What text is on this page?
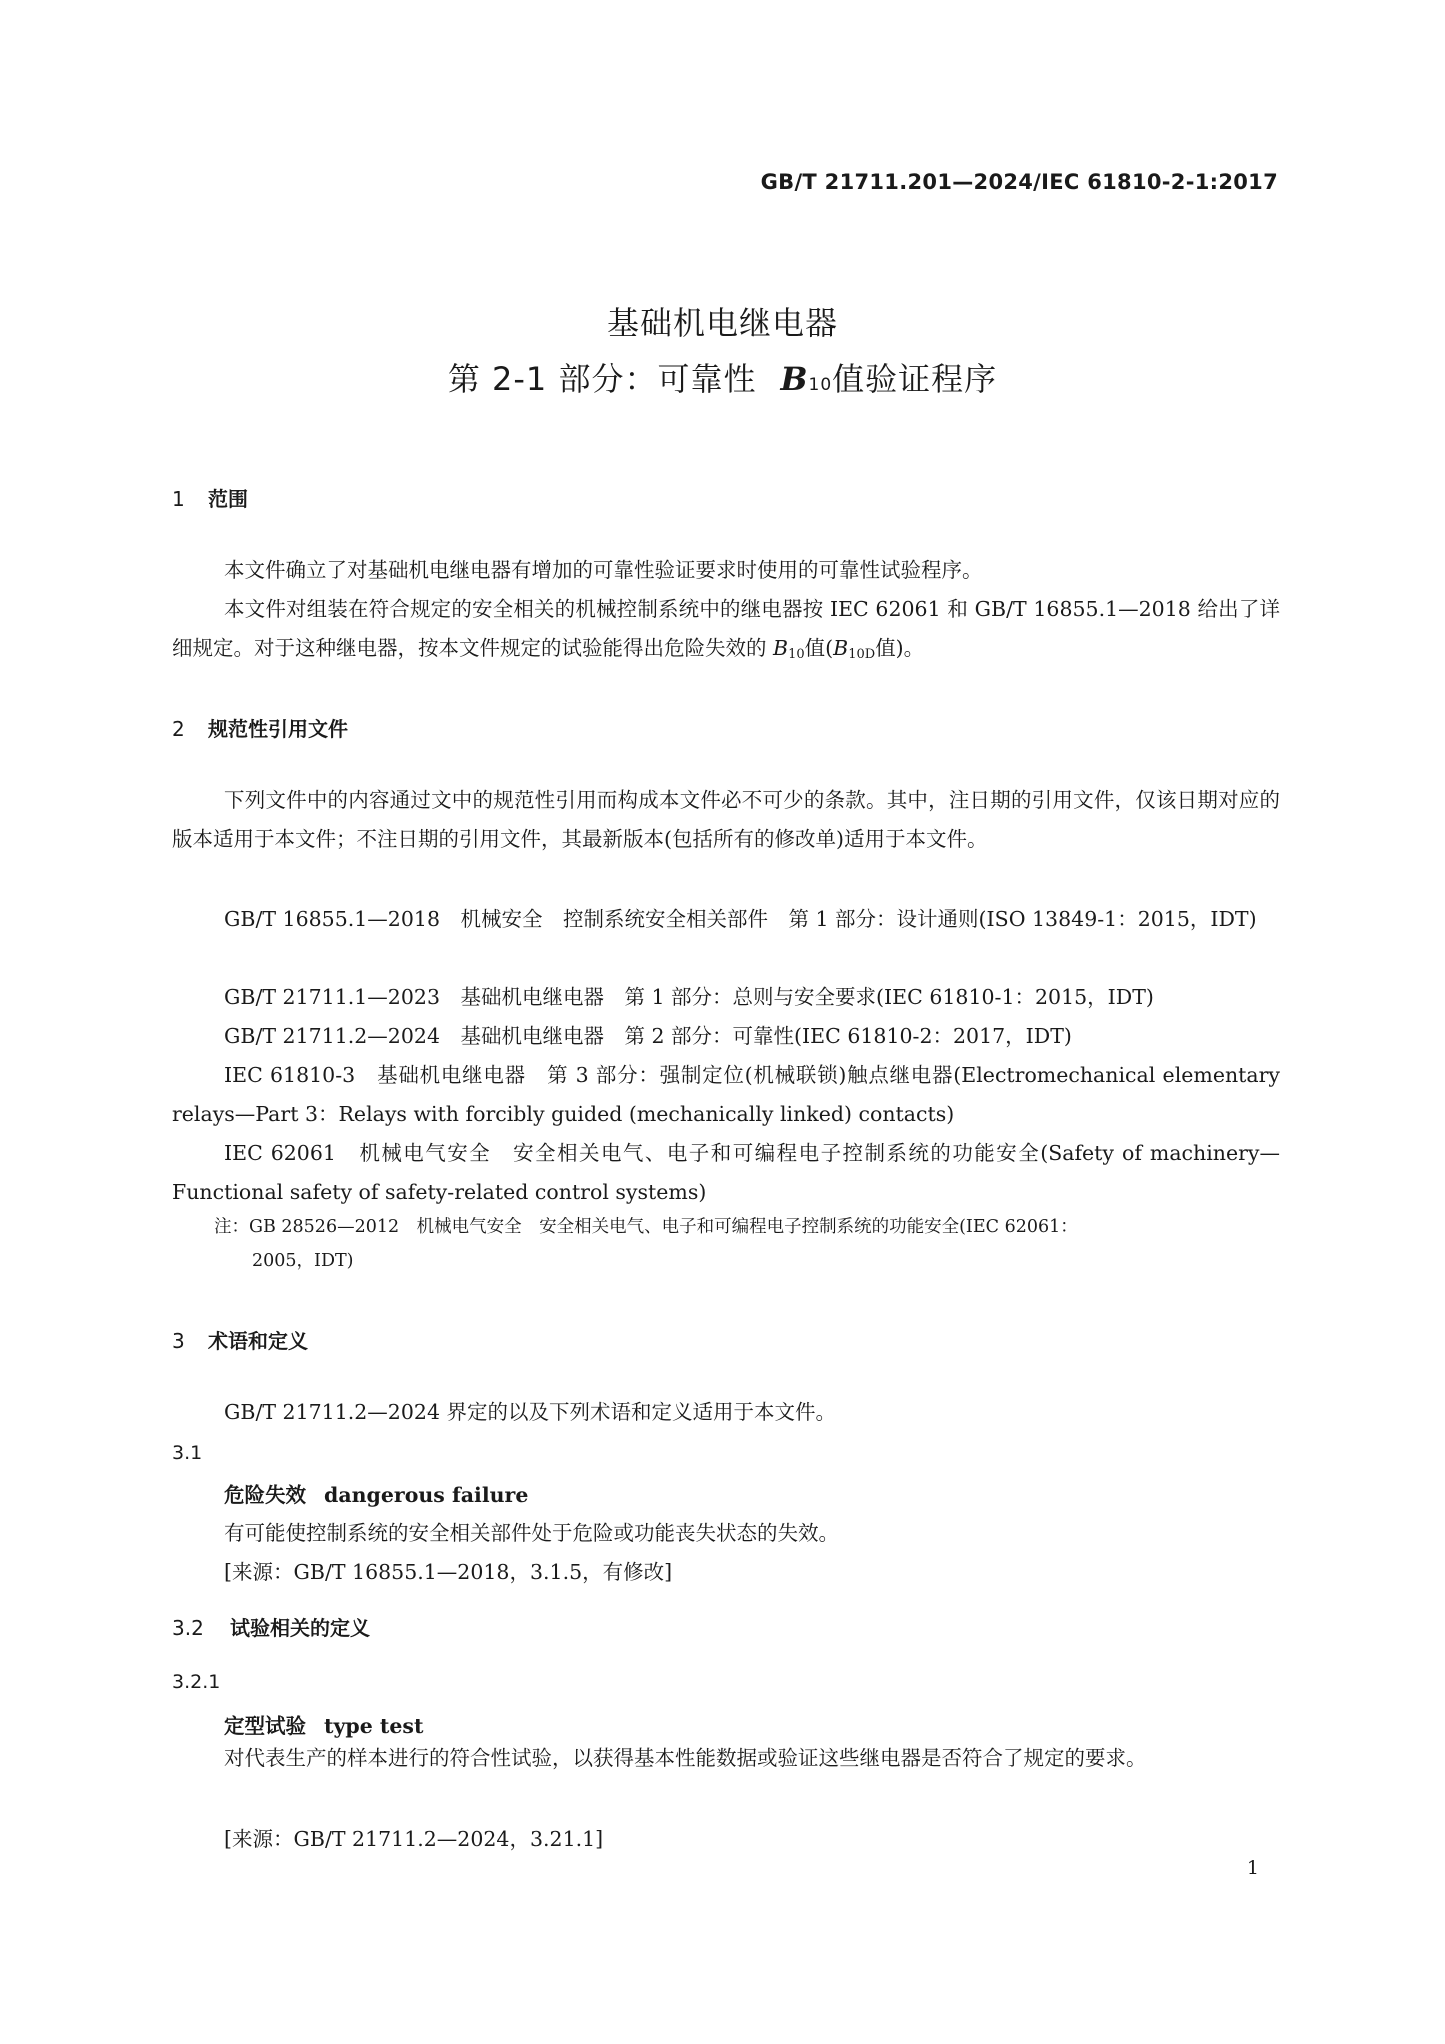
GB/T 21711.201—2024/IEC 61810-2-1:2017
基础机电继电器
第 2-1 部分：可靠性 B10值验证程序
1 范围
本文件确立了对基础机电继电器有增加的可靠性验证要求时使用的可靠性试验程序。
本文件对组装在符合规定的安全相关的机械控制系统中的继电器按 IEC 62061 和 GB/T 16855.1—2018 给出了详细规定。对于这种继电器，按本文件规定的试验能得出危险失效的 B10值(B10D值)。
2 规范性引用文件
下列文件中的内容通过文中的规范性引用而构成本文件必不可少的条款。其中，注日期的引用文件，仅该日期对应的版本适用于本文件；不注日期的引用文件，其最新版本(包括所有的修改单)适用于本文件。
GB/T 16855.1—2018　机械安全　控制系统安全相关部件　第 1 部分：设计通则(ISO 13849-1：2015，IDT)
GB/T 21711.1—2023　基础机电继电器　第 1 部分：总则与安全要求(IEC 61810-1：2015，IDT)
GB/T 21711.2—2024　基础机电继电器　第 2 部分：可靠性(IEC 61810-2：2017，IDT)
IEC 61810-3　基础机电继电器　第 3 部分：强制定位(机械联锁)触点继电器(Electromechanical elementary relays—Part 3：Relays with forcibly guided (mechanically linked) contacts)
IEC 62061　机械电气安全　安全相关电气、电子和可编程电子控制系统的功能安全(Safety of machinery—Functional safety of safety-related control systems)
注：GB 28526—2012　机械电气安全　安全相关电气、电子和可编程电子控制系统的功能安全(IEC 62061：
2005，IDT)
3 术语和定义
GB/T 21711.2—2024 界定的以及下列术语和定义适用于本文件。
3.1
危险失效 dangerous failure
有可能使控制系统的安全相关部件处于危险或功能丧失状态的失效。
[来源：GB/T 16855.1—2018，3.1.5，有修改]
3.2 试验相关的定义
3.2.1
定型试验 type test
对代表生产的样本进行的符合性试验，以获得基本性能数据或验证这些继电器是否符合了规定的要求。
[来源：GB/T 21711.2—2024，3.21.1]
1
